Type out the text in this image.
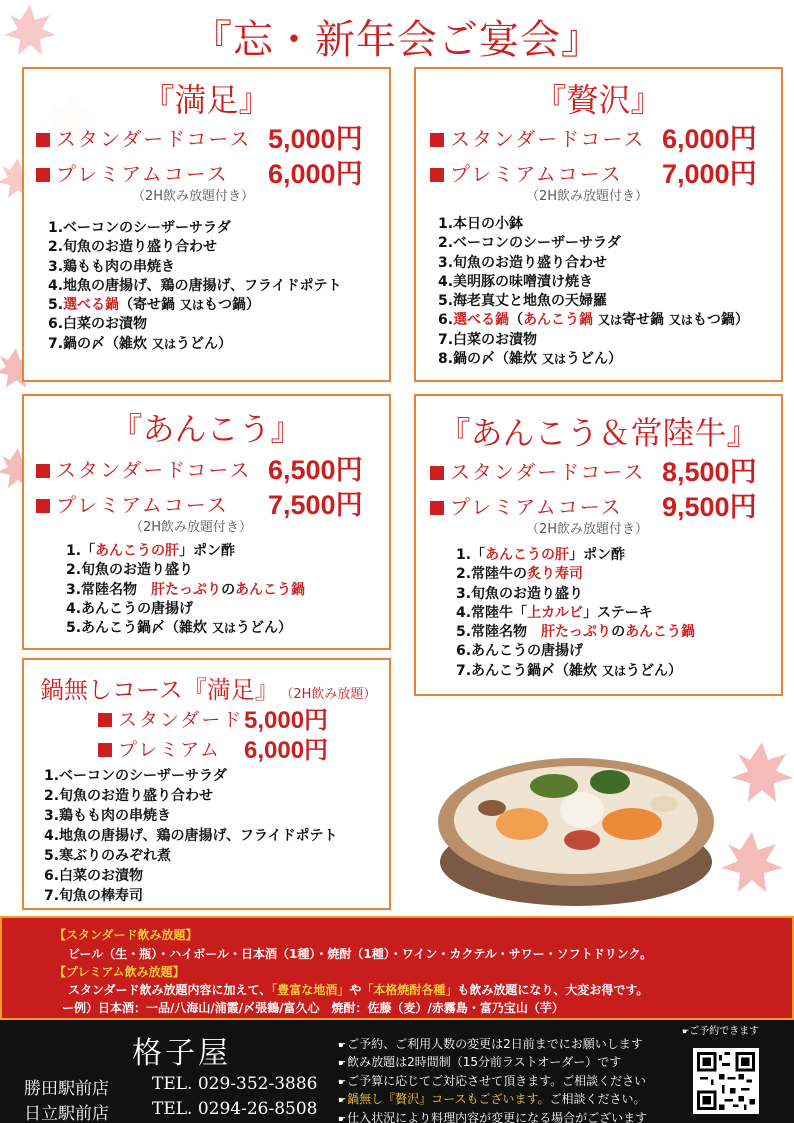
『忘・新年会ご宴会』
『満足』
スタンダードコース 5,000円
プレミアムコース 6,000円
（2H飲み放題付き）
1.ベーコンのシーザーサラダ
2.旬魚のお造り盛り合わせ
3.鶏もも肉の串焼き
4.地魚の唐揚げ、鶏の唐揚げ、フライドポテト
5.選べる鍋（寄せ鍋 又はもつ鍋）
6.白菜のお漬物
7.鍋の〆（雑炊 又はうどん）
『贅沢』
スタンダードコース 6,000円
プレミアムコース 7,000円
（2H飲み放題付き）
1.本日の小鉢
2.ベーコンのシーザーサラダ
3.旬魚のお造り盛り合わせ
4.美明豚の味噌漬け焼き
5.海老真丈と地魚の天婦羅
6.選べる鍋（あんこう鍋 又は寄せ鍋 又はもつ鍋）
7.白菜のお漬物
8.鍋の〆（雑炊 又はうどん）
『あんこう』
スタンダードコース 6,500円
プレミアムコース 7,500円
（2H飲み放題付き）
1.「あんこうの肝」ポン酢
2.旬魚のお造り盛り
3.常陸名物　肝たっぷりのあんこう鍋
4.あんこうの唐揚げ
5.あんこう鍋〆（雑炊 又はうどん）
『あんこう＆常陸牛』
スタンダードコース 8,500円
プレミアムコース 9,500円
（2H飲み放題付き）
1.「あんこうの肝」ポン酢
2.常陸牛の炙り寿司
3.旬魚のお造り盛り
4.常陸牛「上カルビ」ステーキ
5.常陸名物　肝たっぷりのあんこう鍋
6.あんこうの唐揚げ
7.あんこう鍋〆（雑炊 又はうどん）
鍋無しコース『満足』 （2H飲み放題）
スタンダード 5,000円
プレミアム 6,000円
1.ベーコンのシーザーサラダ
2.旬魚のお造り盛り合わせ
3.鶏もも肉の串焼き
4.地魚の唐揚げ、鶏の唐揚げ、フライドポテト
5.寒ぶりのみぞれ煮
6.白菜のお漬物
7.旬魚の棒寿司
【スタンダード飲み放題】
ビール（生・瓶）・ハイボール・日本酒（1種）・焼酎（1種）・ワイン・カクテル・サワー・ソフトドリンク。
【プレミアム飲み放題】
スタンダード飲み放題内容に加えて、「豊富な地酒」や「本格焼酎各種」も飲み放題になり、大変お得です。
ー例）日本酒：一品/八海山/浦霞/〆張鶴/富久心　焼酎：佐藤（麦）/赤霧島・富乃宝山（芋）
格子屋
勝田駅前店	TEL. 029-352-3886
日立駅前店	TEL. 0294-26-8508
☛ ご予約、ご利用人数の変更は2日前までにお願いします
☛ 飲み放題は2時間制（15分前ラストオーダー）です
☛ ご予算に応じてご対応させて頂きます。ご相談ください
☛ 鍋無し『贅沢』コースもございます。ご相談ください。
☛ 仕入状況により料理内容が変更になる場合がございます
☛ ご予約できます
